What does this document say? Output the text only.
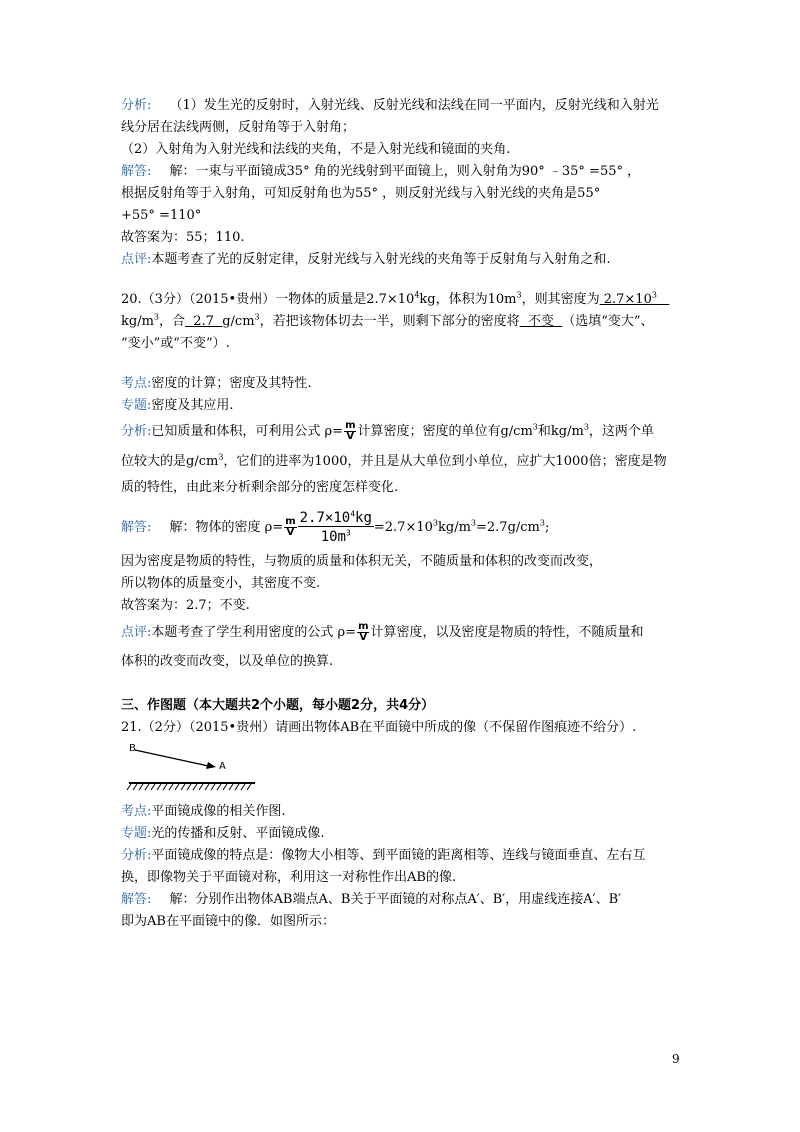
分析: （1）发生光的反射时，入射光线、反射光线和法线在同一平面内，反射光线和入射光
线分居在法线两侧，反射角等于入射角；
（2）入射角为入射光线和法线的夹角，不是入射光线和镜面的夹角.
解答: 解：一束与平面镜成35° 角的光线射到平面镜上，则入射角为90° ﹣35° =55° ，
根据反射角等于入射角，可知反射角也为55° ，则反射光线与入射光线的夹角是55°
+55° =110°
故答案为：55；110.
点评:本题考查了光的反射定律，反射光线与入射光线的夹角等于反射角与入射角之和.
20.（3分）（2015•贵州）一物体的质量是$2.7\times 10^4kg$，体积为$10m^3$，则其密度为 $2.7\times 10^3$
$kg/m^3$，合  2.7  $g/cm^3$，若把该物体切去一半，则剩下部分的密度将  不变  （选填“变大”、
“变小”或“不变”）.
考点:密度的计算；密度及其特性.
专题:密度及其应用.
分析:已知质量和体积，可利用公式 $\rho= \frac{m}{V}$ 计算密度；密度的单位有$g/cm^3$和$kg/m^3$，这两个单
位较大的是$g/cm^3$，它们的进率为1000，并且是从大单位到小单位，应扩大1000倍；密度是物
质的特性，由此来分析剩余部分的密度怎样变化.
解答: 解：物体的密度 $\rho= \frac{m}{V} \frac{2.7\times 10^4kg}{10m^3} =2.7\times 10^3kg/m^3=2.7g/cm^3$;
因为密度是物质的特性，与物质的质量和体积无关，不随质量和体积的改变而改变，
所以物体的质量变小，其密度不变.
故答案为：2.7；不变.
点评:本题考查了学生利用密度的公式 $\rho= \frac{m}{V}$ 计算密度，以及密度是物质的特性，不随质量和
体积的改变而改变，以及单位的换算.
三、作图题（本大题共2个小题，每小题2分，共4分）
21.（2分）（2015•贵州）请画出物体AB在平面镜中所成的像（不保留作图痕迹不给分）.
B
A
考点:平面镜成像的相关作图.
专题:光的传播和反射、平面镜成像.
分析:平面镜成像的特点是：像物大小相等、到平面镜的距离相等、连线与镜面垂直、左右互
换，即像物关于平面镜对称，利用这一对称性作出AB的像.
解答: 解：分别作出物体AB端点A、B关于平面镜的对称点A′、B′，用虚线连接A′、B′
即为AB在平面镜中的像．如图所示：
9
